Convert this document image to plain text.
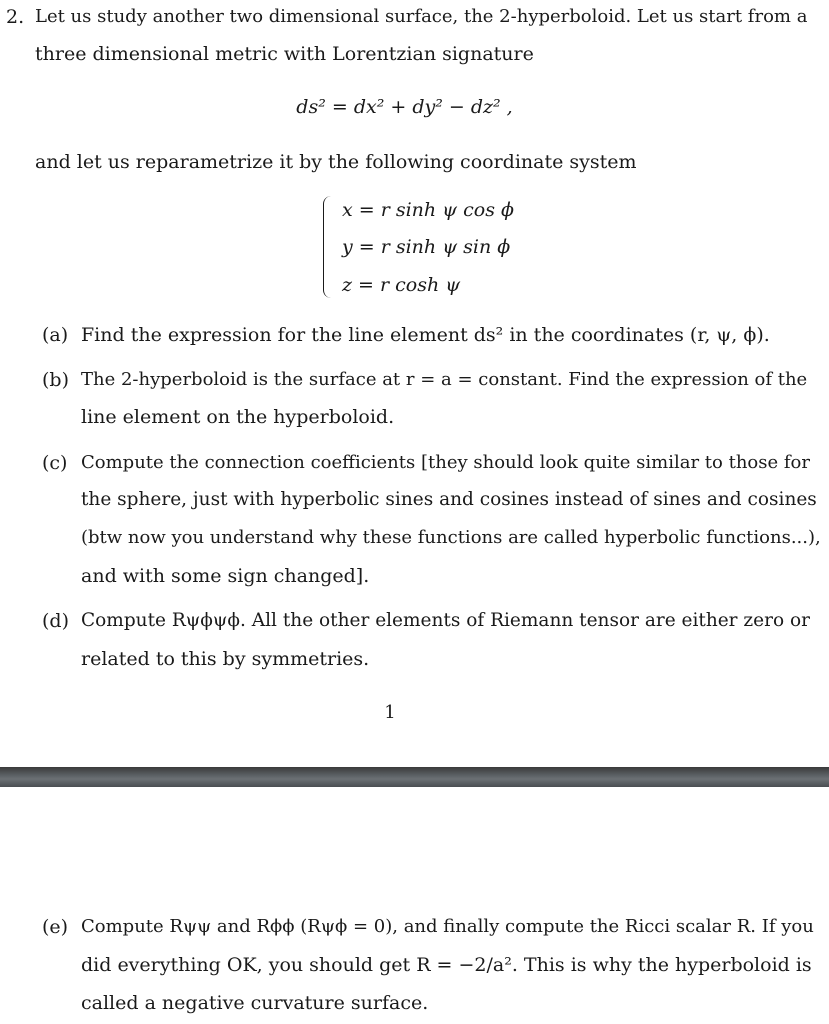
2. Let us study another two dimensional surface, the 2-hyperboloid. Let us start from a
three dimensional metric with Lorentzian signature
ds² = dx² + dy² − dz² ,
and let us reparametrize it by the following coordinate system
x = r sinh ψ cos ϕ
y = r sinh ψ sin ϕ
z = r cosh ψ
(a) Find the expression for the line element ds² in the coordinates (r, ψ, ϕ).
(b) The 2-hyperboloid is the surface at r = a = constant. Find the expression of the
line element on the hyperboloid.
(c) Compute the connection coefficients [they should look quite similar to those for
the sphere, just with hyperbolic sines and cosines instead of sines and cosines
(btw now you understand why these functions are called hyperbolic functions...),
and with some sign changed].
(d) Compute Rψϕψϕ. All the other elements of Riemann tensor are either zero or
related to this by symmetries.
1
(e) Compute Rψψ and Rϕϕ (Rψϕ = 0), and finally compute the Ricci scalar R. If you
did everything OK, you should get R = −2/a². This is why the hyperboloid is
called a negative curvature surface.
